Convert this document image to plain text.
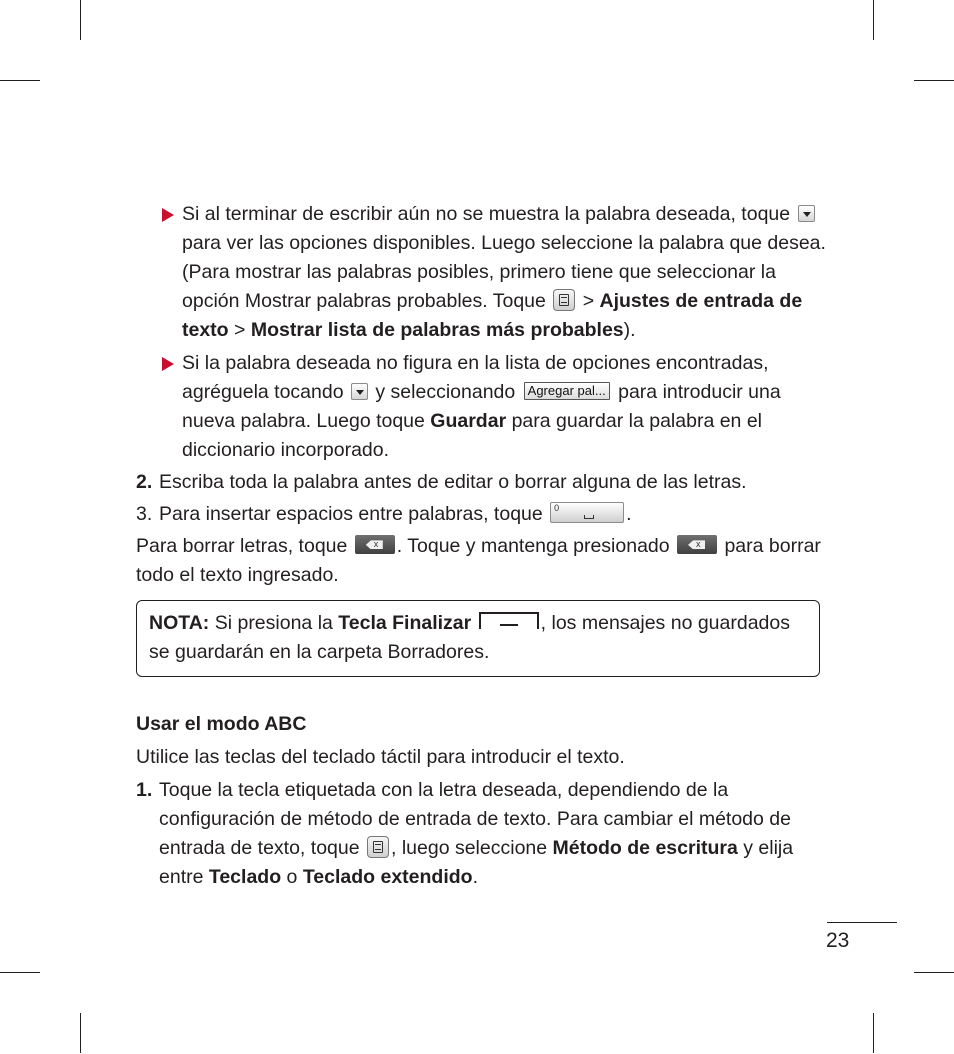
Si al terminar de escribir aún no se muestra la palabra deseada, toque  para ver las opciones disponibles. Luego seleccione la palabra que desea.
(Para mostrar las palabras posibles, primero tiene que seleccionar la opción Mostrar palabras probables. Toque  > Ajustes de entrada de texto > Mostrar lista de palabras más probables).

Si la palabra deseada no figura en la lista de opciones encontradas, agréguela tocando  y seleccionando Agregar pal... para introducir una nueva palabra. Luego toque Guardar para guardar la palabra en el diccionario incorporado.

2. Escriba toda la palabra antes de editar o borrar alguna de las letras.

3. Para insertar espacios entre palabras, toque 0	.

Para borrar letras, toque x . Toque y mantenga presionado x para borrar todo el texto ingresado.

NOTA: Si presiona la Tecla Finalizar	, los mensajes no guardados se guardarán en la carpeta Borradores.

Usar el modo ABC

Utilice las teclas del teclado táctil para introducir el texto.

1. Toque la tecla etiquetada con la letra deseada, dependiendo de la configuración de método de entrada de texto. Para cambiar el método de entrada de texto, toque , luego seleccione Método de escritura y elija entre Teclado o Teclado extendido.

23
